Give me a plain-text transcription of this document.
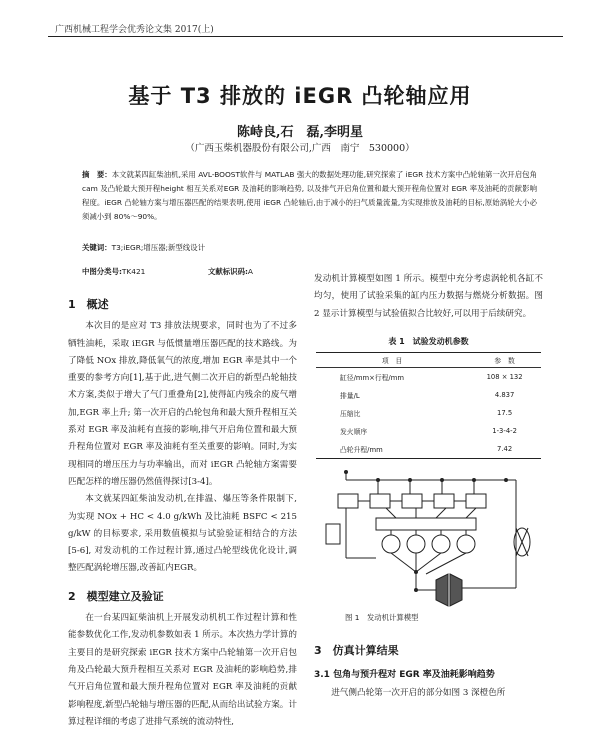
广西机械工程学会优秀论文集 2017(上)
基于 T3 排放的 iEGR 凸轮轴应用
陈峙良,石　磊,李明星
（广西玉柴机器股份有限公司,广西　南宁　530000）
摘　要：本文就某四缸柴油机,采用 AVL-BOOST软件与 MATLAB 强大的数据处理功能,研究探索了 iEGR 技术方案中凸轮轴第一次开启包角 cam 及凸轮最大预开程height 相互关系对EGR 及油耗的影响趋势, 以及排气开启角位置和最大预开程角位置对 EGR 率及油耗的贡献影响程度。iEGR 凸轮轴方案与增压器匹配的结果表明,使用 iEGR 凸轮轴后,由于减小的扫气质量流量,为实现排放及油耗的目标,原始涡轮大小必须减小到 80%～90%。
关键词：T3;iEGR;增压器;新型线设计
中图分类号:TK421	文献标识码:A
1　概述

本次目的是应对 T3 排放法规要求，同时也为了不过多牺牲油耗，采取 iEGR 与低惯量增压器匹配的技术路线。为了降低 NOx 排放,降低氧气的浓度,增加 EGR 率是其中一个重要的参考方向[1],基于此,进气侧二次开启的新型凸轮轴技术方案,类似于增大了气门重叠角[2],使得缸内残余的废气增加,EGR 率上升; 第一次开启的凸轮包角和最大预升程相互关系对 EGR 率及油耗有直接的影响,排气开启角位置和最大预升程角位置对 EGR 率及油耗有至关重要的影响。同时,为实现相同的增压压力与功率输出，而对 iEGR 凸轮轴方案需要匹配怎样的增压器仍然值得探讨[3-4]。

本文就某四缸柴油发动机,在排温、爆压等条件限制下, 为实现 NOx + HC < 4.0 g/kWh 及比油耗 BSFC < 215 g/kW 的目标要求, 采用数值模拟与试验验证相结合的方法 [5-6], 对发动机的工作过程计算,通过凸轮型线优化设计,调整匹配涡轮增压器,改善缸内EGR。

2　模型建立及验证

在一台某四缸柴油机上开展发动机机工作过程计算和性能参数优化工作,发动机参数如表 1 所示。本次热力学计算的主要目的是研究探索 iEGR 技术方案中凸轮轴第一次开启包角及凸轮最大预升程相互关系对 EGR 及油耗的影响趋势,排气开启角位置和最大预升程角位置对 EGR 率及油耗的贡献影响程度,新型凸轮轴与增压器的匹配,从而给出试验方案。计算过程详细的考虑了进排气系统的流动特性,

发动机计算模型如图 1 所示。模型中充分考虑涡轮机各缸不均匀，使用了试验采集的缸内压力数据与燃烧分析数据。图 2 显示计算模型与试验值拟合比较好,可以用于后续研究。

表 1　试验发动机参数
项　目	参　数
缸径/mm×行程/mm	108 × 132
排量/L	4.837
压缩比	17.5
发火顺序	1-3-4-2
凸轮升程/mm	7.42
图 1　发动机计算模型
3　仿真计算结果
3.1 包角与预升程对 EGR 率及油耗影响趋势

进气侧凸轮第一次开启的部分如图 3 深橙色所
